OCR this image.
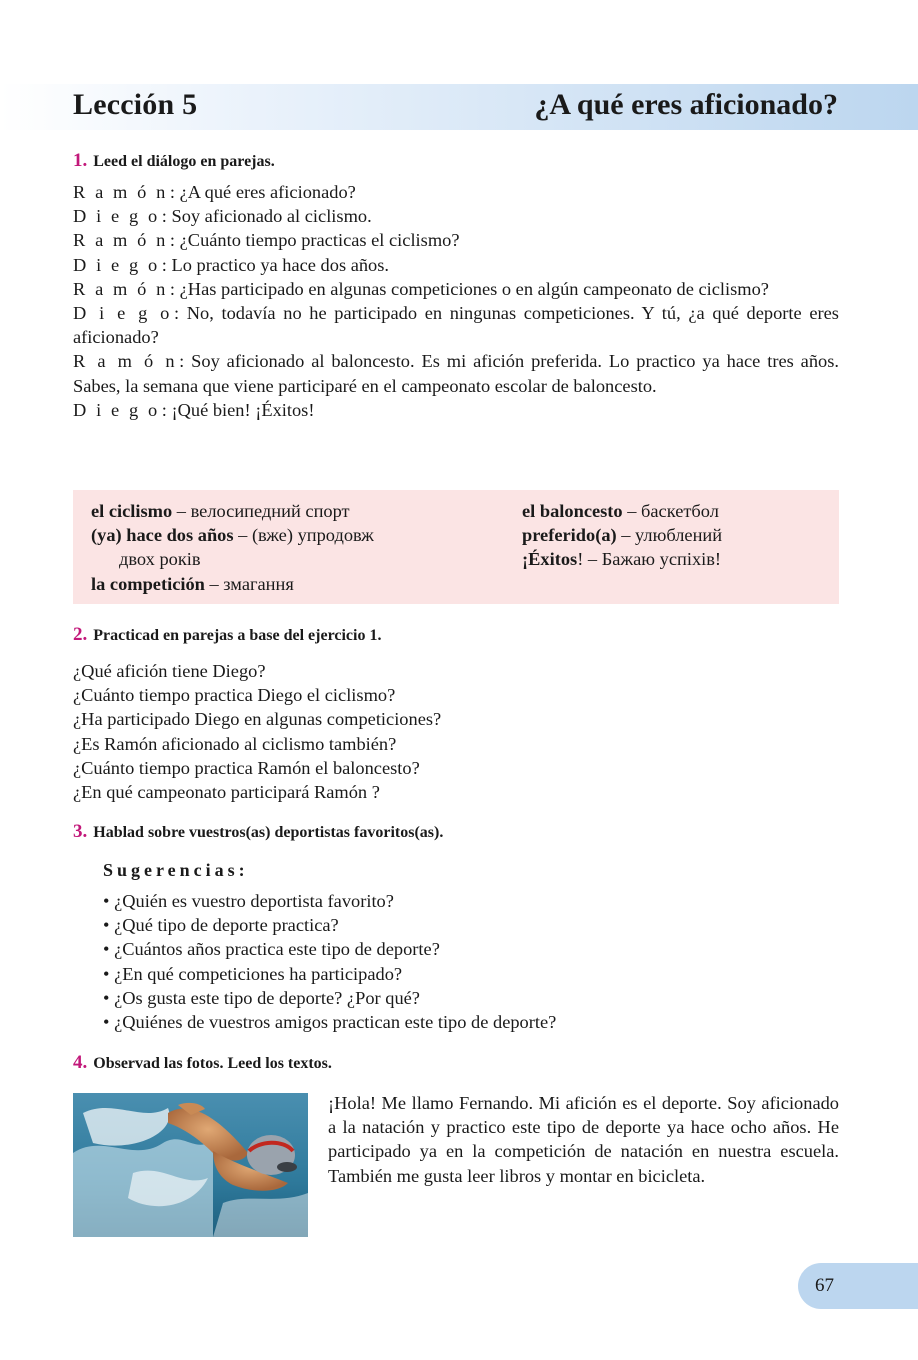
Lección 5	¿A qué eres aficionado?
1. Leed el diálogo en parejas.
R a m ó n : ¿A qué eres aficionado?
D i e g o : Soy aficionado al ciclismo.
R a m ó n : ¿Cuánto tiempo practicas el ciclismo?
D i e g o : Lo practico ya hace dos años.
R a m ó n : ¿Has participado en algunas competiciones o en algún campeonato de ciclismo?
D i e g o : No, todavía no he participado en ningunas competiciones. Y tú, ¿a qué deporte eres aficionado?
R a m ó n : Soy aficionado al baloncesto. Es mi afición preferida. Lo practico ya hace tres años. Sabes, la semana que viene participaré en el campeonato escolar de baloncesto.
D i e g o : ¡Qué bien! ¡Éxitos!
el ciclismo – велосипедний спорт
(ya) hace dos años – (вже) упродовж
двох років
la competición – змагання
el baloncesto – баскетбол
preferido(a) – улюблений
¡Éxitos! – Бажаю успіхів!
2. Practicad en parejas a base del ejercicio 1.
¿Qué afición tiene Diego?
¿Cuánto tiempo practica Diego el ciclismo?
¿Ha participado Diego en algunas competiciones?
¿Es Ramón aficionado al ciclismo también?
¿Cuánto tiempo practica Ramón el baloncesto?
¿En qué campeonato participará Ramón ?
3. Hablad sobre vuestros(as) deportistas favoritos(as).
Sugerencias:
• ¿Quién es vuestro deportista favorito?
• ¿Qué tipo de deporte practica?
• ¿Cuántos años practica este tipo de deporte?
• ¿En qué competiciones ha participado?
• ¿Os gusta este tipo de deporte? ¿Por qué?
• ¿Quiénes de vuestros amigos practican este tipo de deporte?
4. Observad las fotos. Leed los textos.
¡Hola! Me llamo Fernando. Mi afición es el deporte. Soy aficionado a la natación y practico este tipo de deporte ya hace ocho años. He participado ya en la competición de natación en nuestra escuela. También me gusta leer libros y montar en bicicleta.
67
